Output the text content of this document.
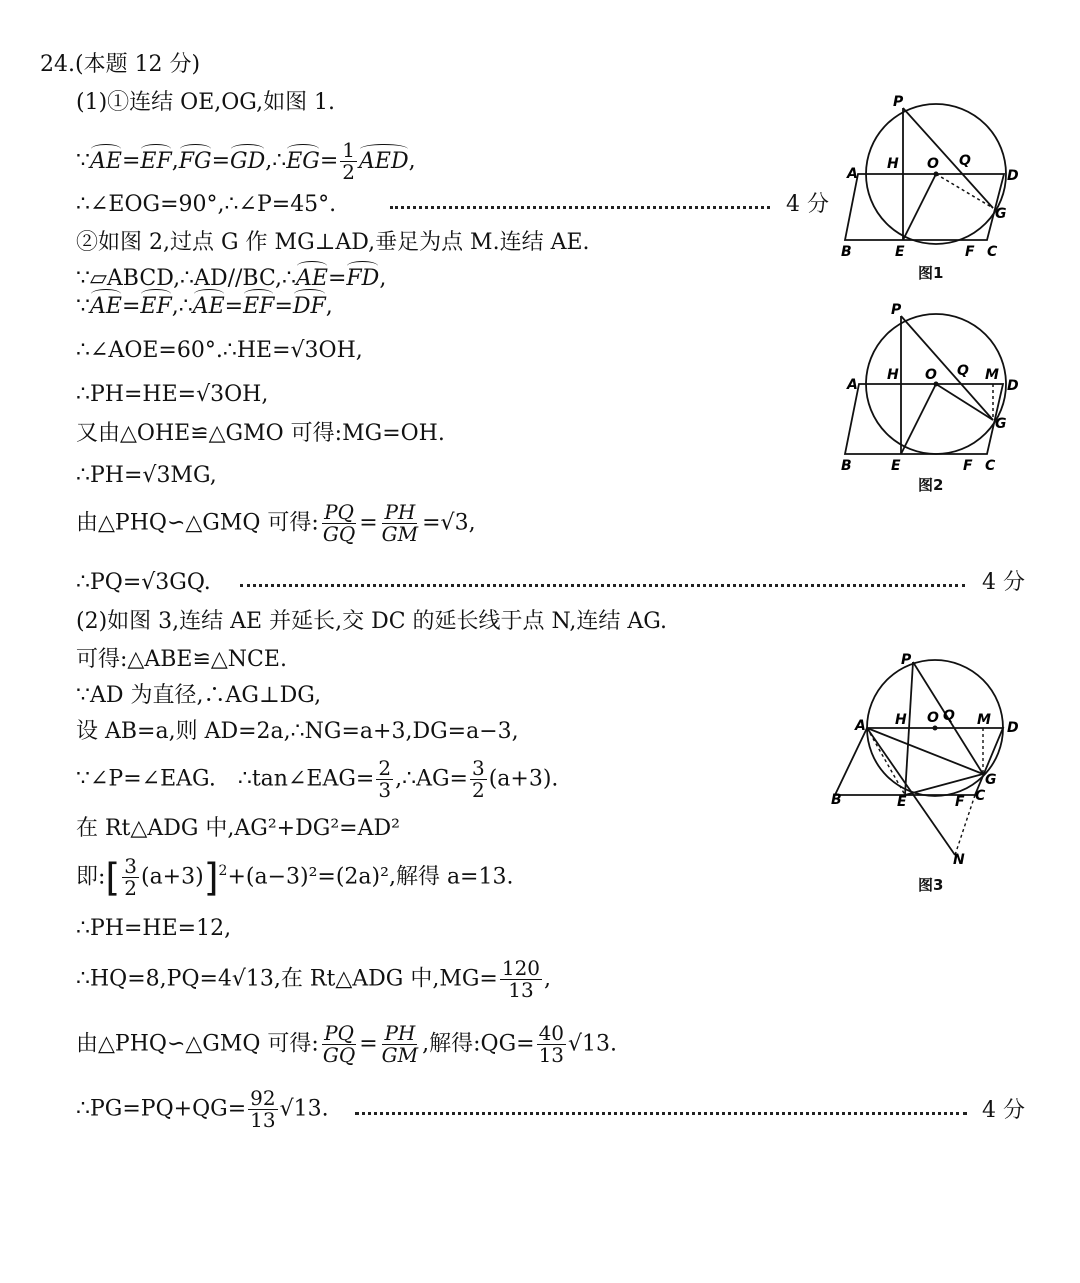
24.(本题 12 分)
(1)①连结 OE,OG,如图 1.
∵AE=EF,FG=GD,∴EG= $\frac{1}{2}$ AED,
∴∠EOG=90°,∴∠P=45°.	4 分
②如图 2,过点 G 作 MG⊥AD,垂足为点 M.连结 AE.
∵▱ABCD,∴AD//BC,∴AE=FD,
∵AE=EF,∴AE=EF=DF,
∴∠AOE=60°.∴HE=√3OH,
∴PH=HE=√3OH,
又由△OHE≌△GMO 可得:MG=OH.
∴PH=√3MG,
由△PHQ∽△GMQ 可得: $\frac{PQ}{GQ} = \frac{PH}{GM} =√3$,
∴PQ=√3GQ.	4 分
(2)如图 3,连结 AE 并延长,交 DC 的延长线于点 N,连结 AG.
可得:△ABE≌△NCE.
∵AD 为直径,∴AG⊥DG,
设 AB=a,则 AD=2a,∴NG=a+3,DG=a−3,
∵∠P=∠EAG.　∴tan∠EAG= $\frac{2}{3}$ ,∴AG= $\frac{3}{2} (a+3)$.
在 Rt△ADG 中,AG²+DG²=AD²
即:[ $\frac{3}{2} (a+3)]^2+(a-3)^2=(2a)^2$,解得 a=13.
∴PH=HE=12,
∴HQ=8,PQ=4√13,在 Rt△ADG 中$,MG= \frac{120}{13}$ ,
由△PHQ∽△GMQ 可得: $\frac{PQ}{GQ} = \frac{PH}{GM}$ ,解得:QG= $\frac{40}{13} √13$.
∴PG=PQ+QG= $\frac{92}{13} √13$.	4 分
P
A
H O Q
D
G
B	E	F C
图1
P
A
H O Q M
D
G
B	E	F C
图2
P
A H O Q M D
G
B	E	F C
N
图3
